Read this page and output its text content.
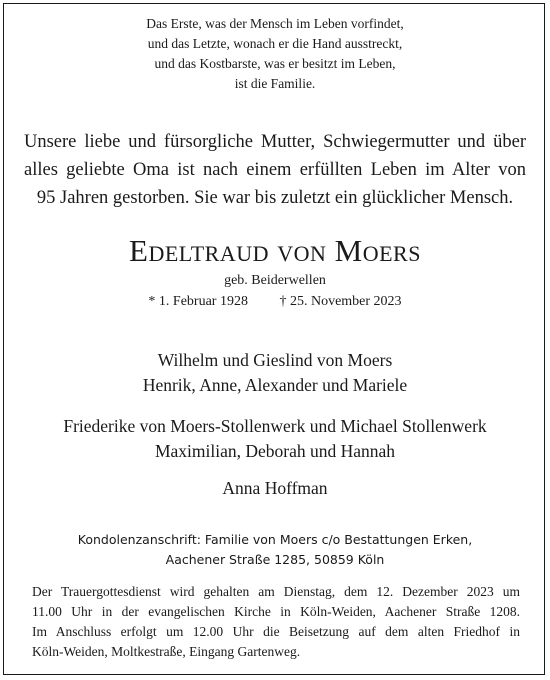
Das Erste, was der Mensch im Leben vorfindet,
und das Letzte, wonach er die Hand ausstreckt,
und das Kostbarste, was er besitzt im Leben,
ist die Familie.
Unsere liebe und fürsorgliche Mutter, Schwiegermutter und über
alles geliebte Oma ist nach einem erfüllten Leben im Alter von
95 Jahren gestorben. Sie war bis zuletzt ein glücklicher Mensch.
Edeltraud von Moers
geb. Beiderwellen
* 1. Februar 1928 † 25. November 2023
Wilhelm und Gieslind von Moers
Henrik, Anne, Alexander und Mariele
Friederike von Moers-Stollenwerk und Michael Stollenwerk
Maximilian, Deborah und Hannah
Anna Hoffman
Kondolenzanschrift: Familie von Moers c/o Bestattungen Erken,
Aachener Straße 1285, 50859 Köln
Der Trauergottesdienst wird gehalten am Dienstag, dem 12. Dezember 2023 um
11.00 Uhr in der evangelischen Kirche in Köln-Weiden, Aachener Straße 1208.
Im Anschluss erfolgt um 12.00 Uhr die Beisetzung auf dem alten Friedhof in
Köln-Weiden, Moltkestraße, Eingang Gartenweg.
